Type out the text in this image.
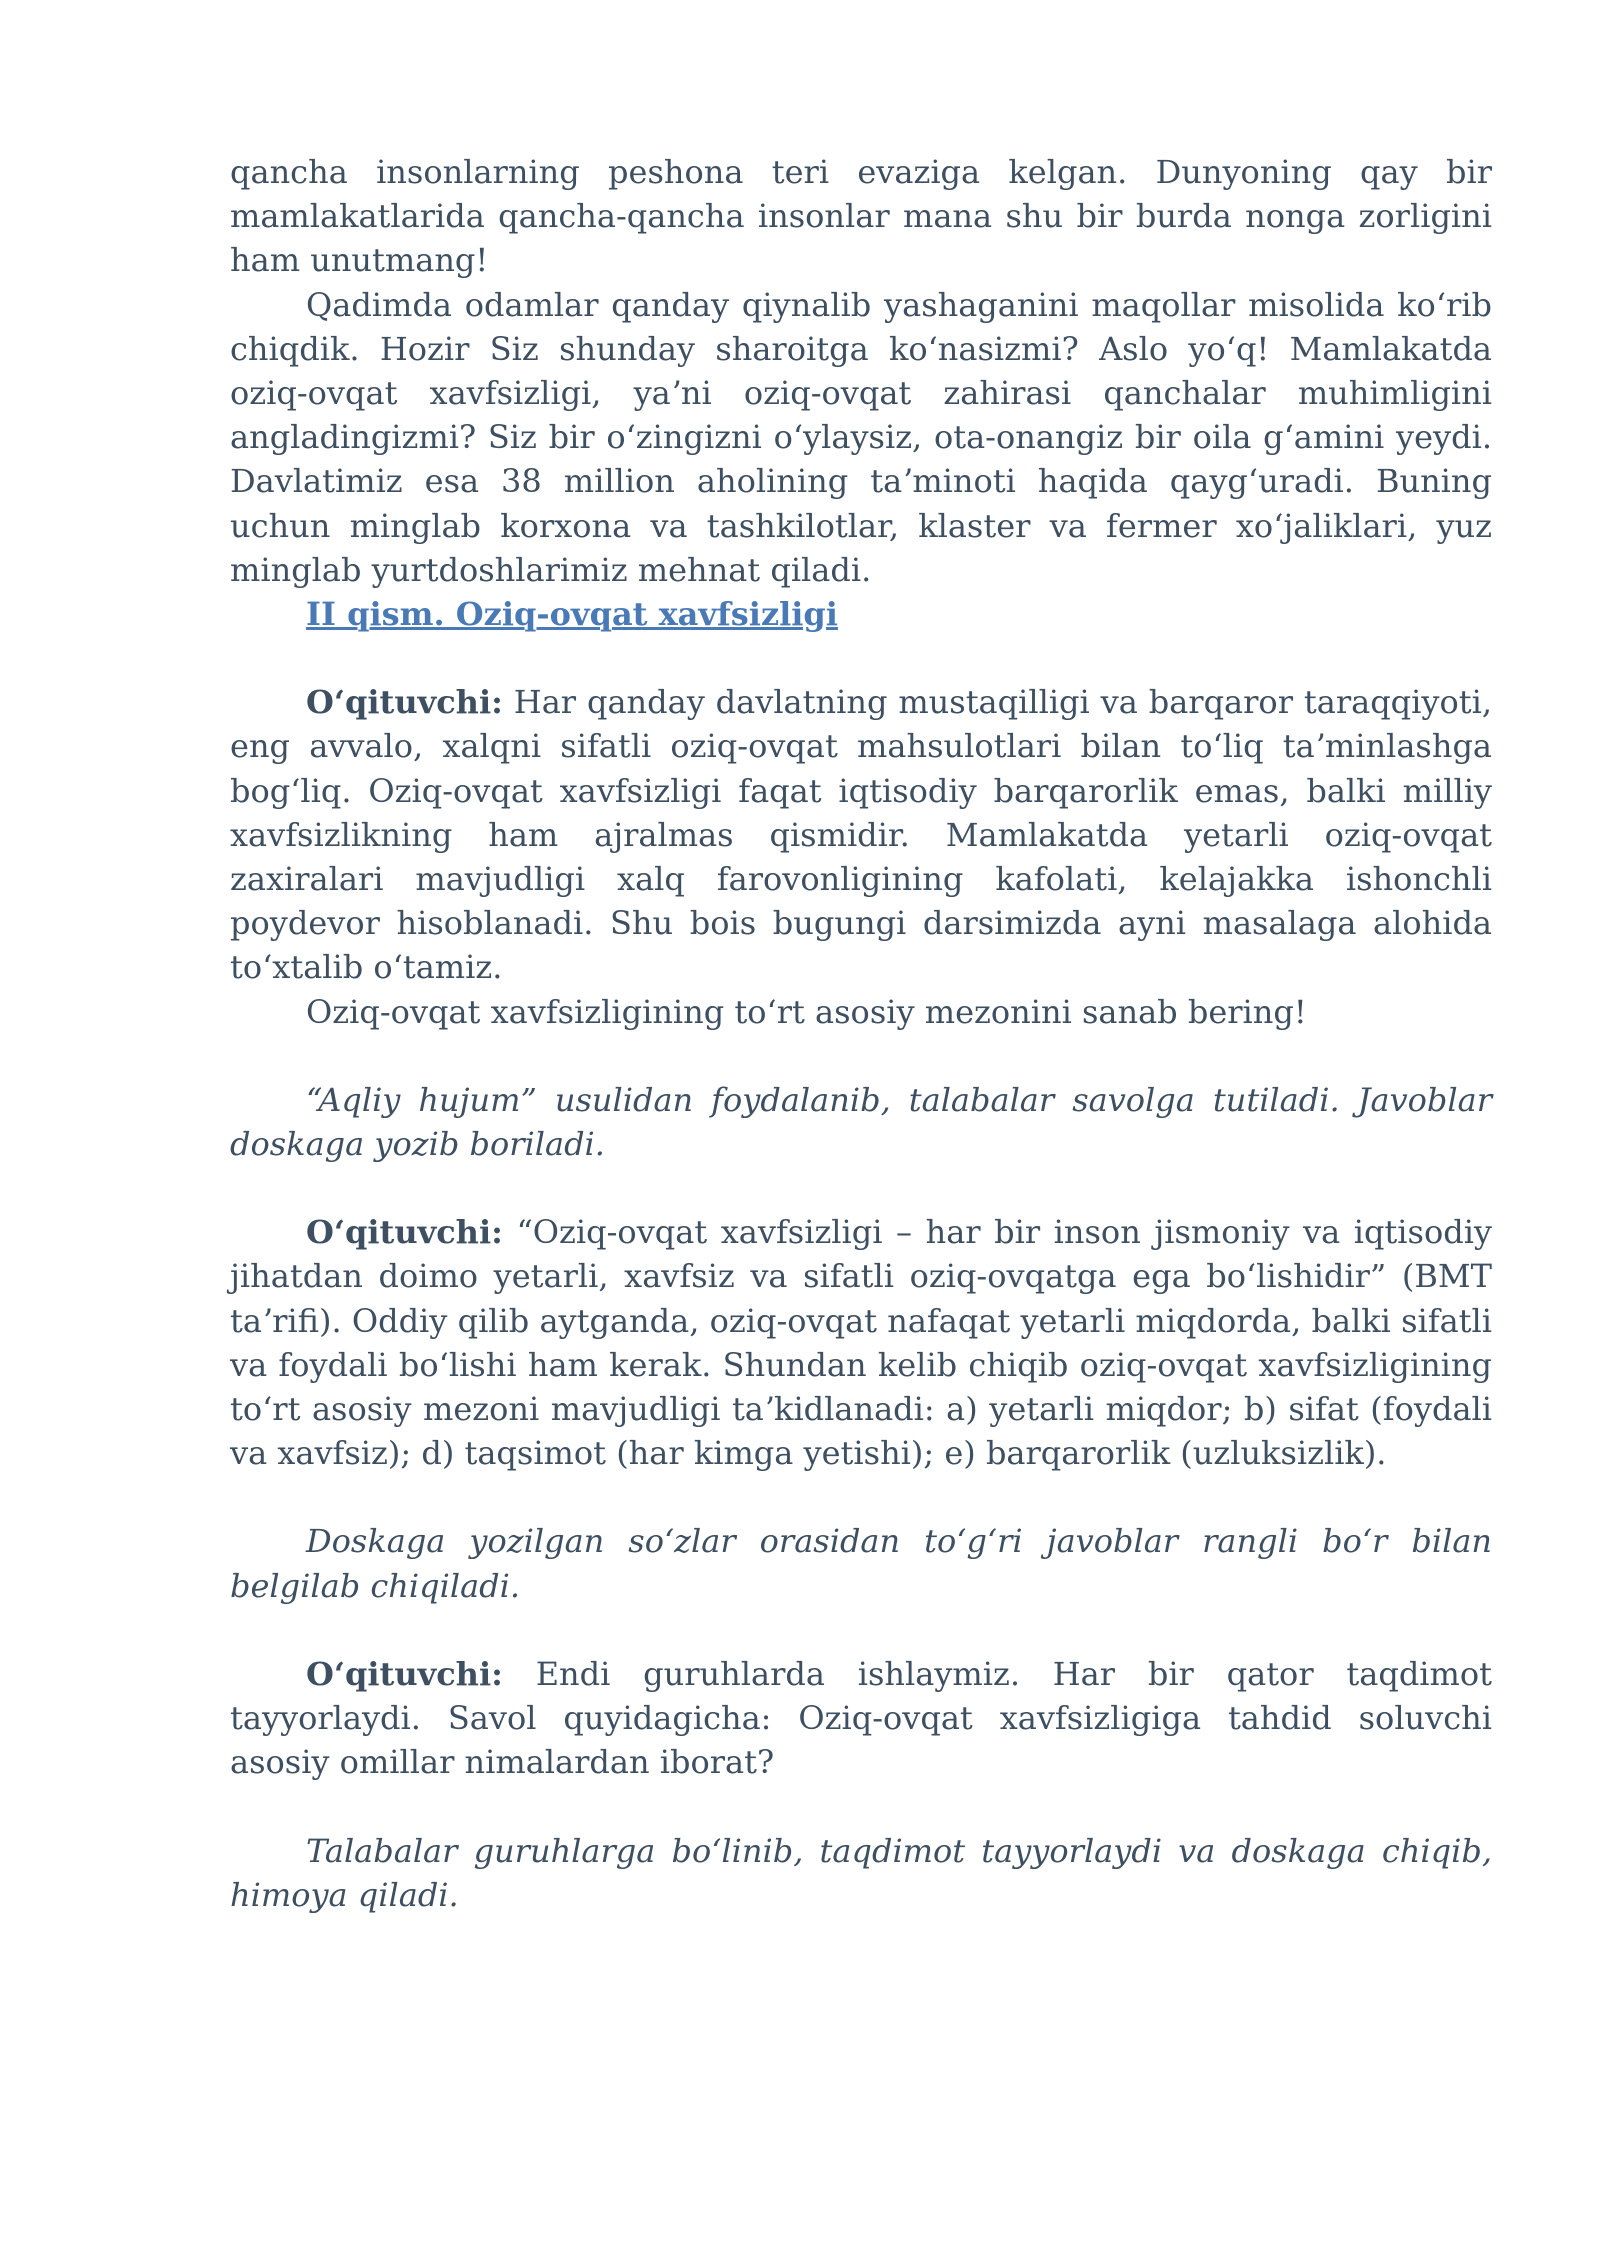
qancha insonlarning peshona teri evaziga kelgan. Dunyoning qay bir mamlakatlarida qancha-qancha insonlar mana shu bir burda nonga zorligini ham unutmang!

Qadimda odamlar qanday qiynalib yashaganini maqollar misolida koʻrib chiqdik. Hozir Siz shunday sharoitga koʻnasizmi? Aslo yoʻq! Mamlakatda oziq-ovqat xavfsizligi, yaʼni oziq-ovqat zahirasi qanchalar muhimligini angladingizmi? Siz bir oʻzingizni oʻylaysiz, ota-onangiz bir oila gʻamini yeydi. Davlatimiz esa 38 million aholining taʼminoti haqida qaygʻuradi. Buning uchun minglab korxona va tashkilotlar, klaster va fermer xoʻjaliklari, yuz minglab yurtdoshlarimiz mehnat qiladi.

II qism. Oziq-ovqat xavfsizligi

Oʻqituvchi: Har qanday davlatning mustaqilligi va barqaror taraqqiyoti, eng avvalo, xalqni sifatli oziq-ovqat mahsulotlari bilan toʻliq taʼminlashga bogʻliq. Oziq-ovqat xavfsizligi faqat iqtisodiy barqarorlik emas, balki milliy xavfsizlikning ham ajralmas qismidir. Mamlakatda yetarli oziq-ovqat zaxiralari mavjudligi xalq farovonligining kafolati, kelajakka ishonchli poydevor hisoblanadi. Shu bois bugungi darsimizda ayni masalaga alohida toʻxtalib oʻtamiz.

Oziq-ovqat xavfsizligining toʻrt asosiy mezonini sanab bering!

“Aqliy hujum” usulidan foydalanib, talabalar savolga tutiladi. Javoblar doskaga yozib boriladi.

Oʻqituvchi: “Oziq-ovqat xavfsizligi – har bir inson jismoniy va iqtisodiy jihatdan doimo yetarli, xavfsiz va sifatli oziq-ovqatga ega boʻlishidir” (BMT taʼrifi). Oddiy qilib aytganda, oziq-ovqat nafaqat yetarli miqdorda, balki sifatli va foydali boʻlishi ham kerak. Shundan kelib chiqib oziq-ovqat xavfsizligining toʻrt asosiy mezoni mavjudligi taʼkidlanadi: a) yetarli miqdor; b) sifat (foydali va xavfsiz); d) taqsimot (har kimga yetishi); e) barqarorlik (uzluksizlik).

Doskaga yozilgan soʻzlar orasidan toʻgʻri javoblar rangli boʻr bilan belgilab chiqiladi.

Oʻqituvchi: Endi guruhlarda ishlaymiz. Har bir qator taqdimot tayyorlaydi. Savol quyidagicha: Oziq-ovqat xavfsizligiga tahdid soluvchi asosiy omillar nimalardan iborat?

Talabalar guruhlarga boʻlinib, taqdimot tayyorlaydi va doskaga chiqib, himoya qiladi.
